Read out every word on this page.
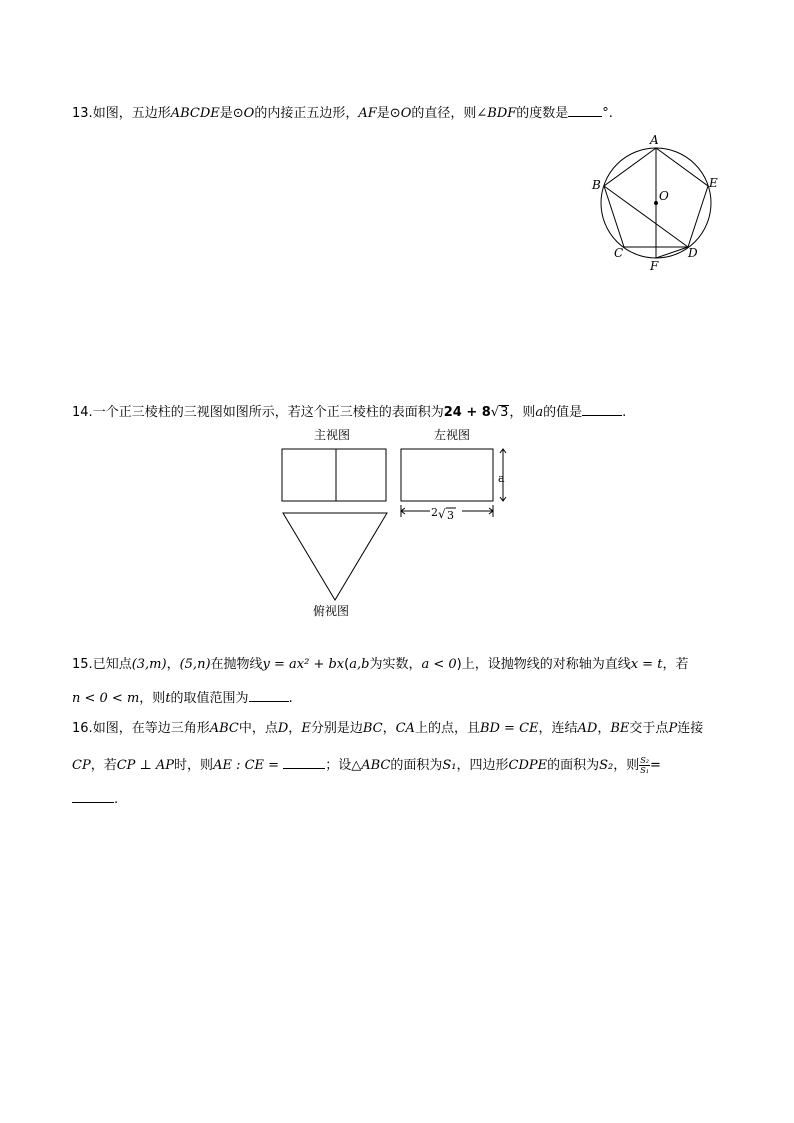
13.如图，五边形ABCDE是⊙O的内接正五边形，AF是⊙O的直径，则∠BDF的度数是	°.
A
B
C	D
E
F
O
14.一个正三棱柱的三视图如图所示，若这个正三棱柱的表面积为24 + 8√3，则a的值是	.
主视图	左视图
a
2 √ 3
俯视图
15.已知点(3,m)，(5,n)在抛物线y = ax² + bx(a,b为实数，a < 0)上，设抛物线的对称轴为直线x = t，若
n < 0 < m，则t的取值范围为	.
16.如图，在等边三角形ABC中，点D，E分别是边BC，CA上的点，且BD = CE，连结AD，BE交于点P连接
CP，若CP ⊥ AP时，则AE : CE =	；设△ABC的面积为S₁，四边形CDPE的面积为S₂，则 $\frac{\text{S₂}}{\text{S₁}}$ =
.
